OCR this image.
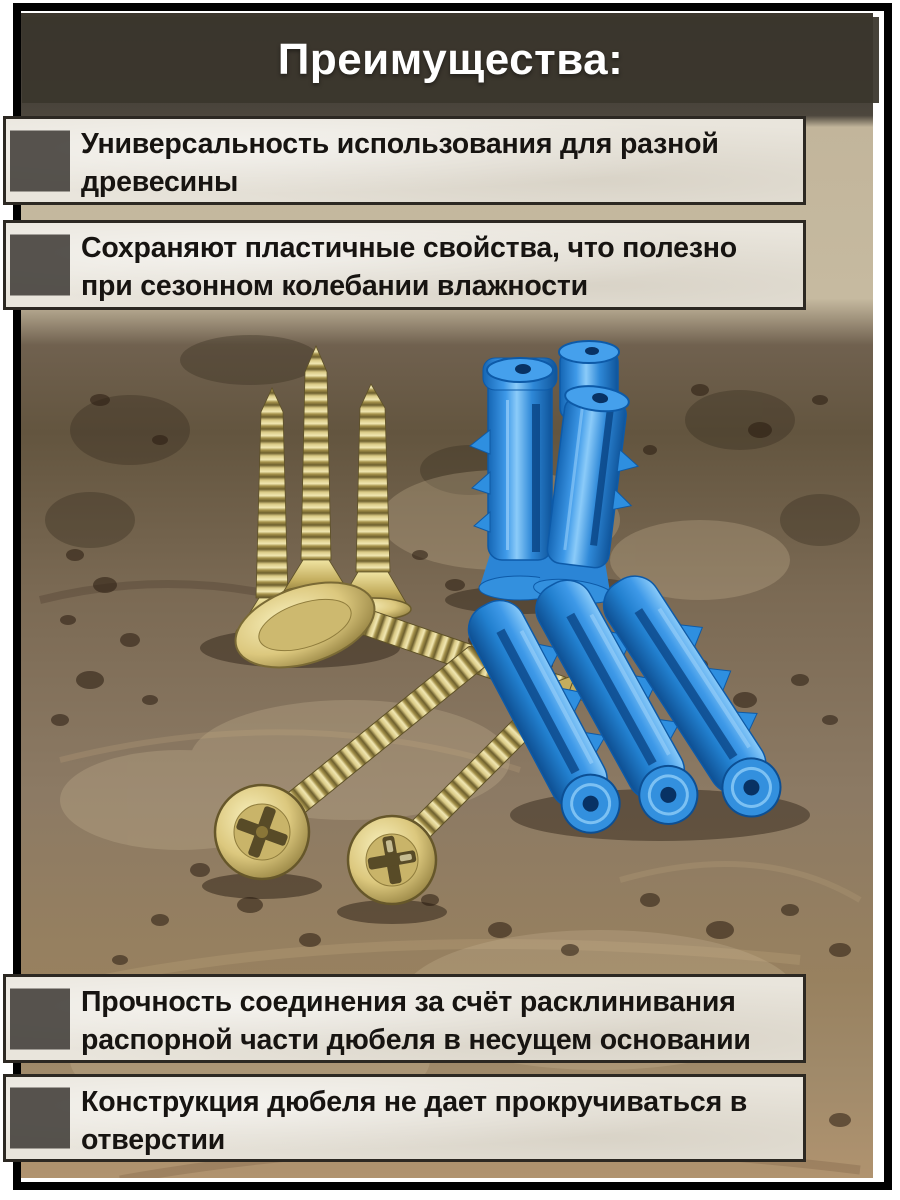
Преимущества:
Универсальность использования для разной
древесины
Сохраняют пластичные свойства, что полезно
при сезонном колебании влажности
Прочность соединения за счёт расклинивания
распорной части дюбеля в несущем основании
Конструкция дюбеля не дает прокручиваться в
отверстии
